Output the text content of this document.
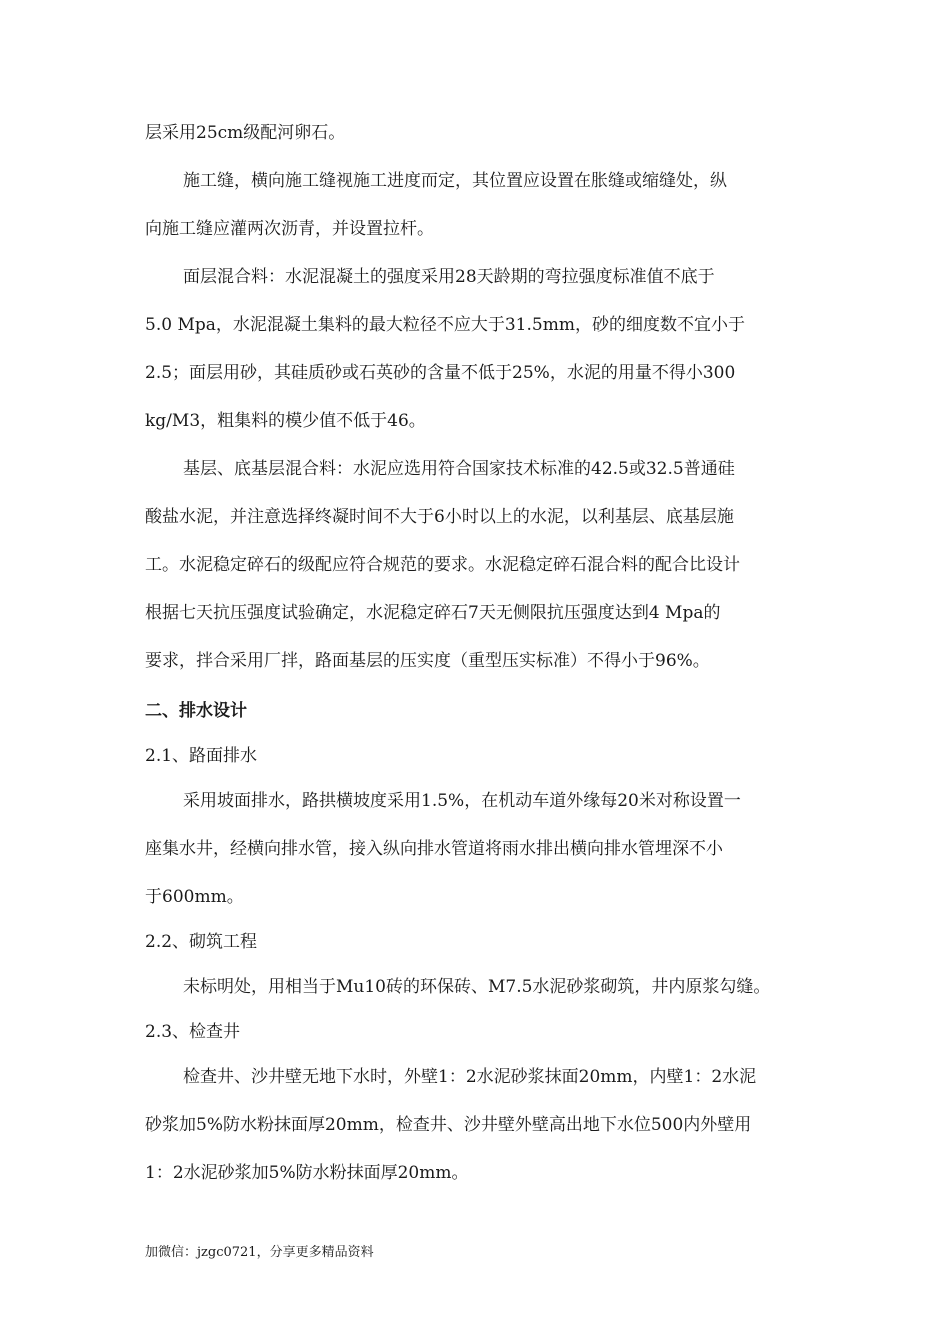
层采用25cm级配河卵石。
施工缝，横向施工缝视施工进度而定，其位置应设置在胀缝或缩缝处，纵
向施工缝应灌两次沥青，并设置拉杆。
面层混合料：水泥混凝土的强度采用28天龄期的弯拉强度标准值不底于
5.0 Mpa，水泥混凝土集料的最大粒径不应大于31.5mm，砂的细度数不宜小于
2.5；面层用砂，其硅质砂或石英砂的含量不低于25%，水泥的用量不得小300
kg/M3，粗集料的模少值不低于46。
基层、底基层混合料：水泥应选用符合国家技术标准的42.5或32.5普通硅
酸盐水泥，并注意选择终凝时间不大于6小时以上的水泥，以利基层、底基层施
工。水泥稳定碎石的级配应符合规范的要求。水泥稳定碎石混合料的配合比设计
根据七天抗压强度试验确定，水泥稳定碎石7天无侧限抗压强度达到4 Mpa的
要求，拌合采用厂拌，路面基层的压实度（重型压实标准）不得小于96%。
二、排水设计
2.1、路面排水
采用坡面排水，路拱横坡度采用1.5%，在机动车道外缘每20米对称设置一
座集水井，经横向排水管，接入纵向排水管道将雨水排出横向排水管埋深不小
于600mm。
2.2、砌筑工程
未标明处，用相当于Mu10砖的环保砖、M7.5水泥砂浆砌筑，井内原浆勾缝。
2.3、检查井
检查井、沙井壁无地下水时，外壁1：2水泥砂浆抹面20mm，内壁1：2水泥
砂浆加5%防水粉抹面厚20mm，检查井、沙井壁外壁高出地下水位500内外壁用
1：2水泥砂浆加5%防水粉抹面厚20mm。
加微信：jzgc0721，分享更多精品资料
